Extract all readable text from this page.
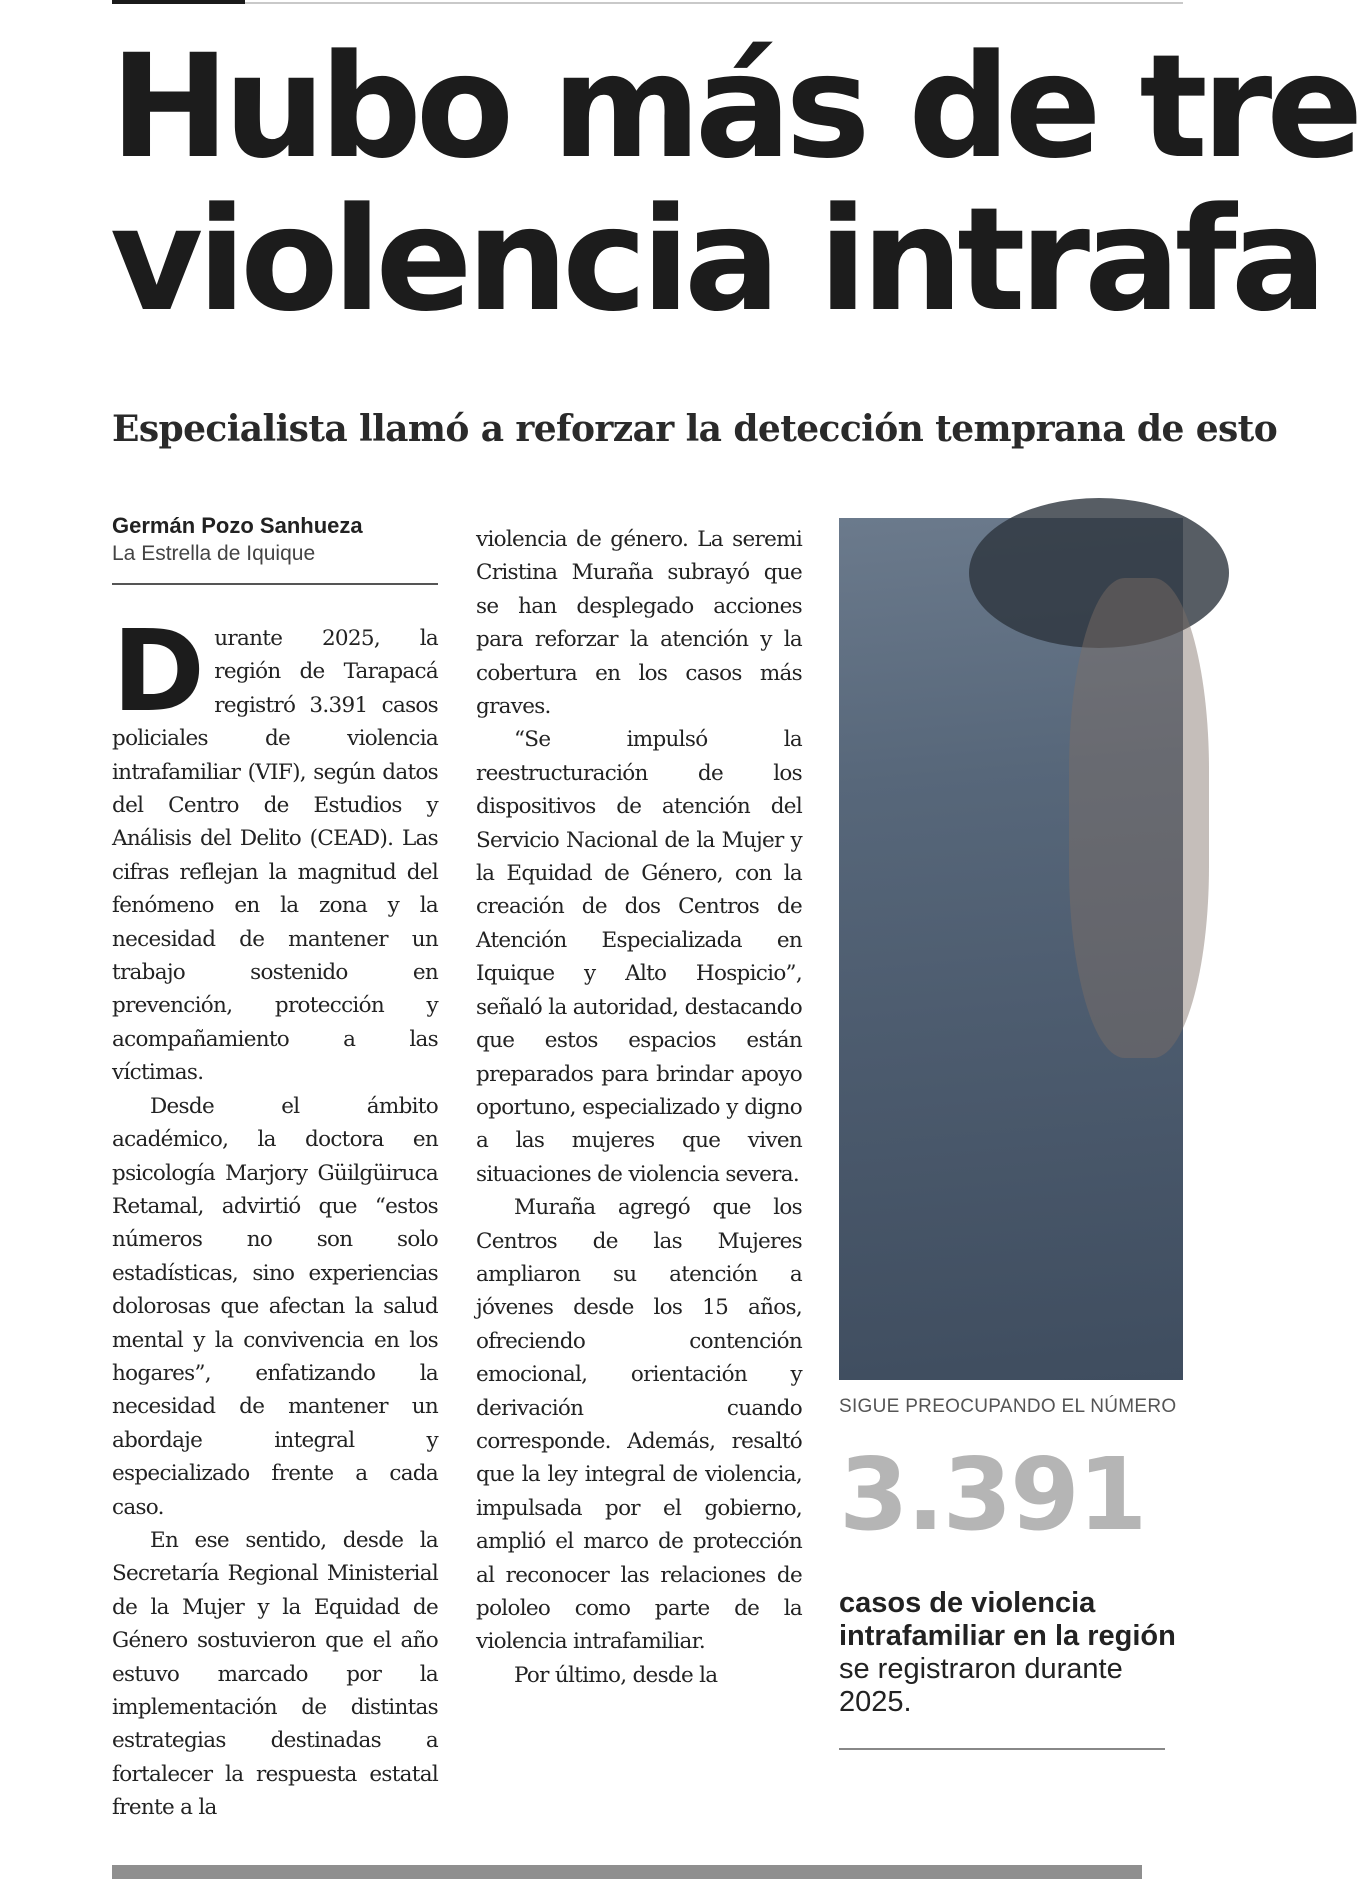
Hubo más de tre
violencia intrafa
Especialista llamó a reforzar la detección temprana de esto
Germán Pozo Sanhueza
La Estrella de Iquique

Durante 2025, la región de Tarapacá registró 3.391 casos policiales de violencia intrafamiliar (VIF), según datos del Centro de Estudios y Análisis del Delito (CEAD). Las cifras reflejan la magnitud del fenómeno en la zona y la necesidad de mantener un trabajo sostenido en prevención, protección y acompañamiento a las víctimas.

Desde el ámbito académico, la doctora en psicología Marjory Güilgüiruca Retamal, advirtió que “estos números no son solo estadísticas, sino experiencias dolorosas que afectan la salud mental y la convivencia en los hogares”, enfatizando la necesidad de mantener un abordaje integral y especializado frente a cada caso.

En ese sentido, desde la Secretaría Regional Ministerial de la Mujer y la Equidad de Género sostuvieron que el año estuvo marcado por la implementación de distintas estrategias destinadas a fortalecer la respuesta estatal frente a la

violencia de género. La seremi Cristina Muraña subrayó que se han desplegado acciones para reforzar la atención y la cobertura en los casos más graves.

“Se impulsó la reestructuración de los dispositivos de atención del Servicio Nacional de la Mujer y la Equidad de Género, con la creación de dos Centros de Atención Especializada en Iquique y Alto Hospicio”, señaló la autoridad, destacando que estos espacios están preparados para brindar apoyo oportuno, especializado y digno a las mujeres que viven situaciones de violencia severa.

Muraña agregó que los Centros de las Mujeres ampliaron su atención a jóvenes desde los 15 años, ofreciendo contención emocional, orientación y derivación cuando corresponde. Además, resaltó que la ley integral de violencia, impulsada por el gobierno, amplió el marco de protección al reconocer las relaciones de pololeo como parte de la violencia intrafamiliar.

Por último, desde la

SIGUE PREOCUPANDO EL NÚMERO
3.391
casos de violencia intrafamiliar en la región se registraron durante 2025.
